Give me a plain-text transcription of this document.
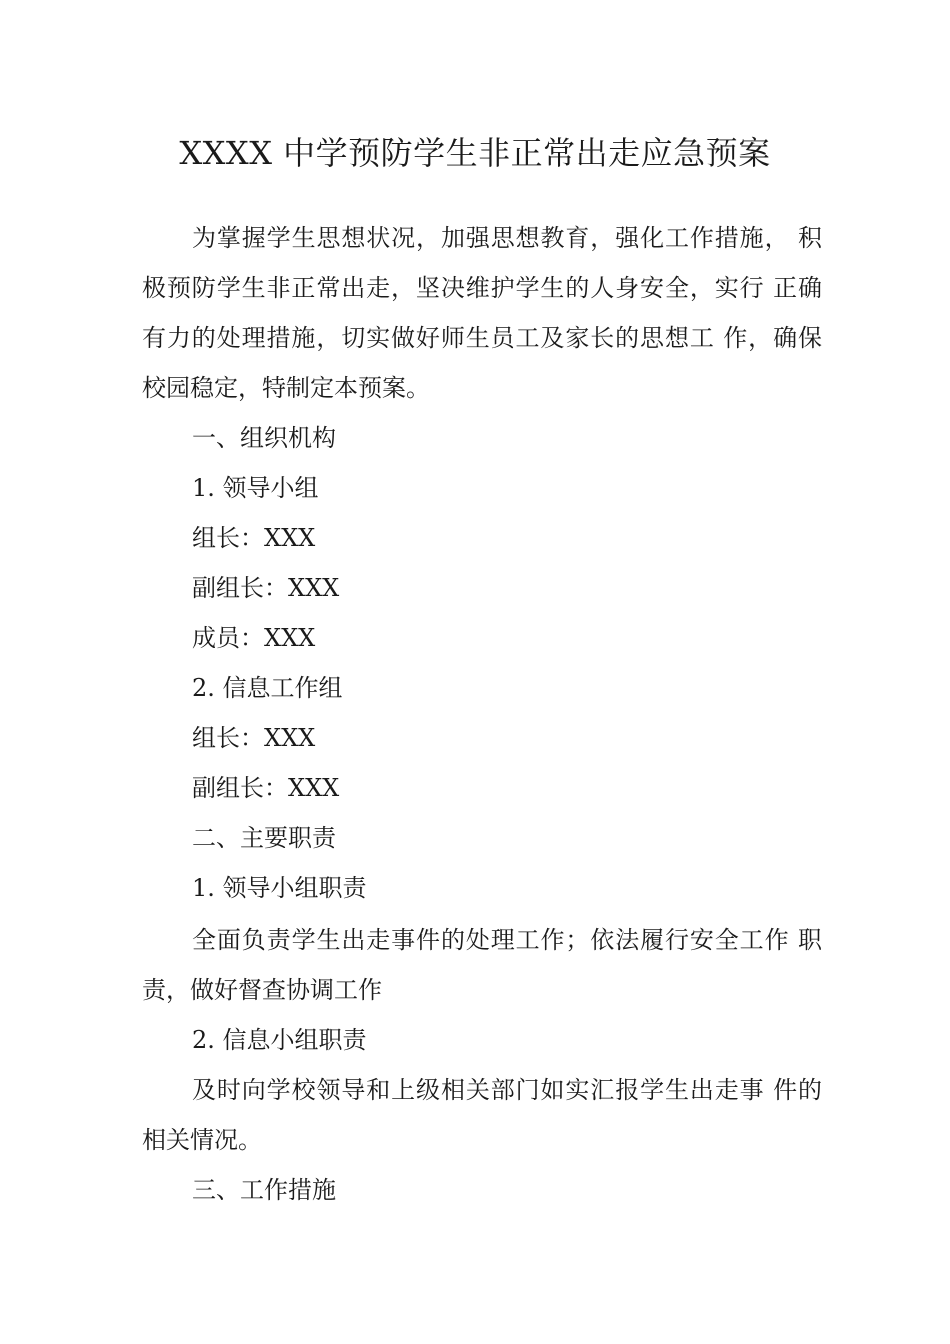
XXXX 中学预防学生非正常出走应急预案
为掌握学生思想状况，加强思想教育，强化工作措施， 积
极预防学生非正常出走，坚决维护学生的人身安全，实行 正确
有力的处理措施，切实做好师生员工及家长的思想工 作，确保
校园稳定，特制定本预案。
一、组织机构
1. 领导小组
组长：XXX
副组长：XXX
成员：XXX
2. 信息工作组
组长：XXX
副组长：XXX
二、主要职责
1. 领导小组职责
全面负责学生出走事件的处理工作；依法履行安全工作 职
责，做好督查协调工作
2. 信息小组职责
及时向学校领导和上级相关部门如实汇报学生出走事 件的
相关情况。
三、工作措施
